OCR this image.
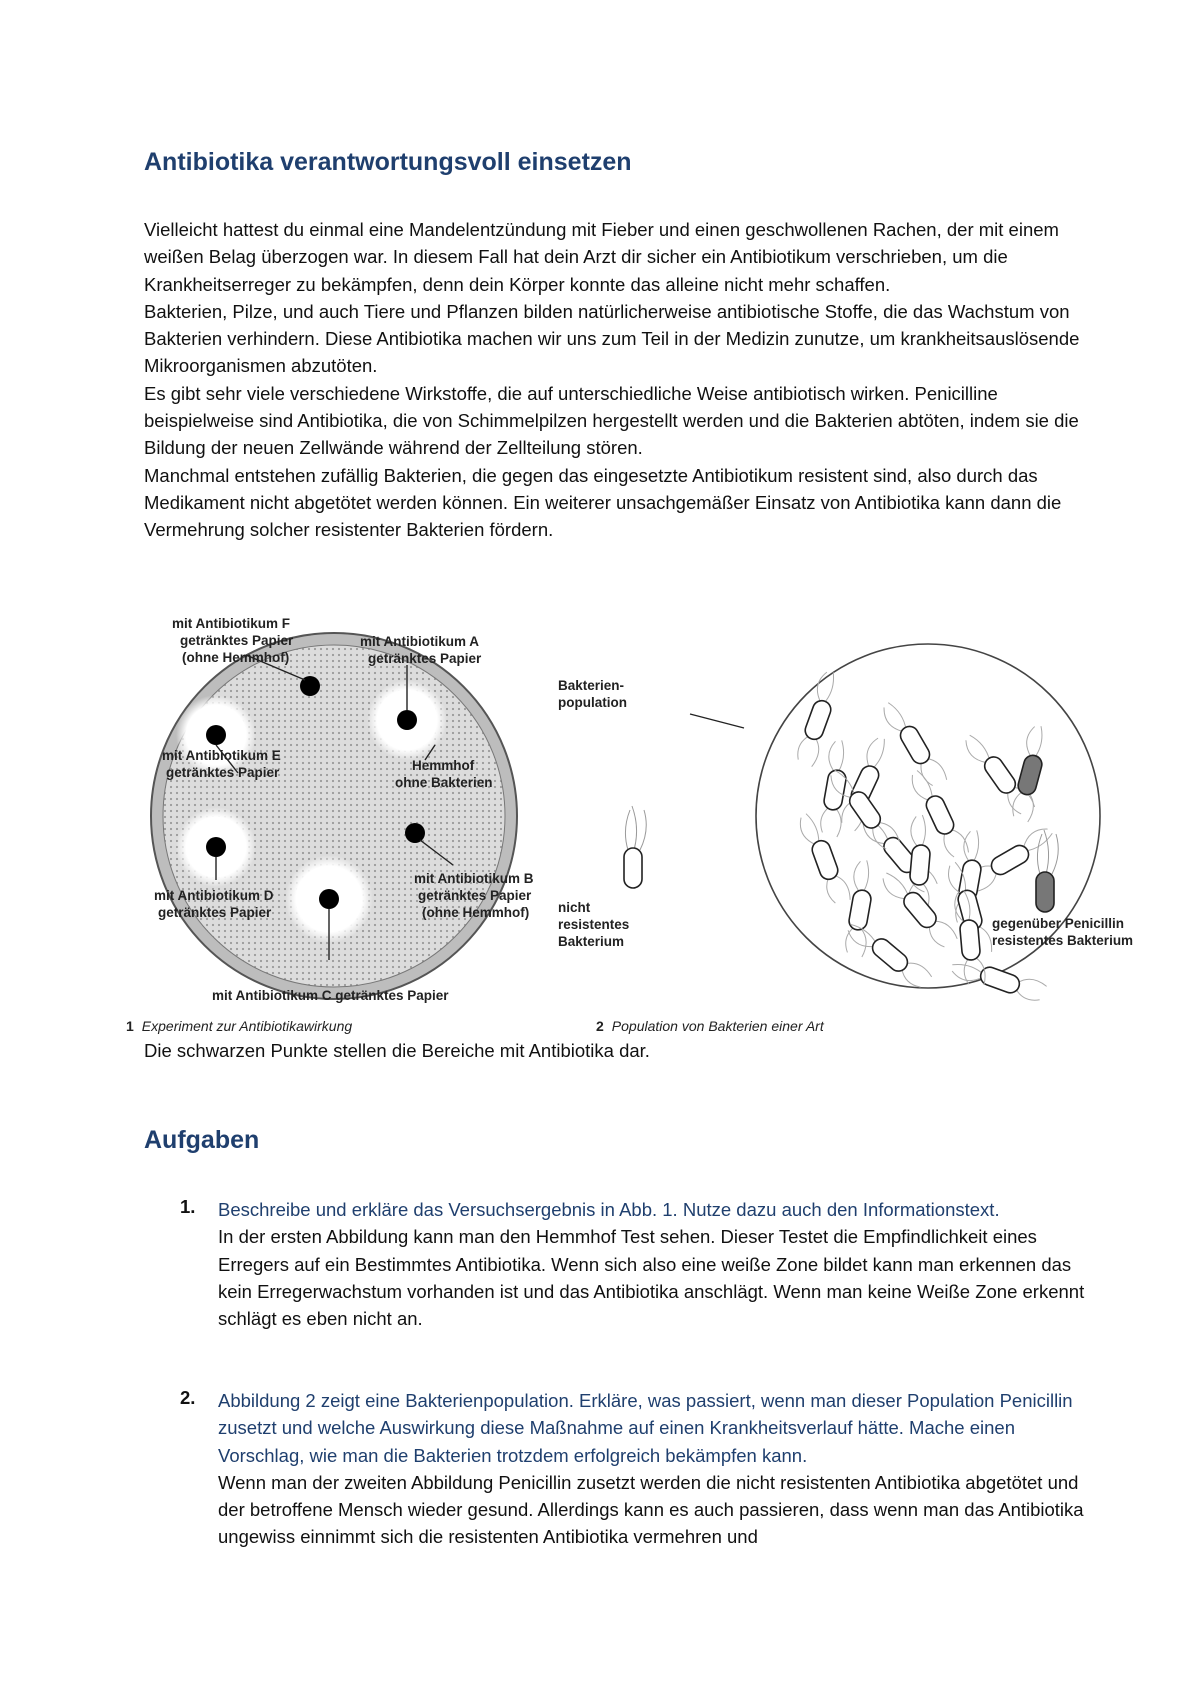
Antibiotika verantwortungsvoll einsetzen

Vielleicht hattest du einmal eine Mandelentzündung mit Fieber und einen geschwollenen Rachen, der mit einem weißen Belag überzogen war. In diesem Fall hat dein Arzt dir sicher ein Antibiotikum verschrieben, um die Krankheitserreger zu bekämpfen, denn dein Körper konnte das alleine nicht mehr schaffen.

Bakterien, Pilze, und auch Tiere und Pflanzen bilden natürlicherweise antibiotische Stoffe, die das Wachstum von Bakterien verhindern. Diese Antibiotika machen wir uns zum Teil in der Medizin zunutze, um krankheitsauslösende Mikroorganismen abzutöten.

Es gibt sehr viele verschiedene Wirkstoffe, die auf unterschiedliche Weise antibiotisch wirken. Penicilline beispielweise sind Antibiotika, die von Schimmelpilzen hergestellt werden und die Bakterien abtöten, indem sie die Bildung der neuen Zellwände während der Zellteilung stören.

Manchmal entstehen zufällig Bakterien, die gegen das eingesetzte Antibiotikum resistent sind, also durch das Medikament nicht abgetötet werden können. Ein weiterer unsachgemäßer Einsatz von Antibiotika kann dann die Vermehrung solcher resistenter Bakterien fördern.

mit Antibiotikum F
getränktes Papier
(ohne Hemmhof)
mit Antibiotikum A
getränktes Papier
mit Antibiotikum E
getränktes Papier	Hemmhof
ohne Bakterien
mit Antibiotikum B
getränktes Papier
(ohne Hemmhof)
mit Antibiotikum D
getränktes Papier
mit Antibiotikum C getränktes Papier
Bakterien-
population
nicht
resistentes
Bakterium
gegenüber Penicillin
resistentes Bakterium
1 Experiment zur Antibiotikawirkung	2 Population von Bakterien einer Art

Die schwarzen Punkte stellen die Bereiche mit Antibiotika dar.

Aufgaben
1. Beschreibe und erkläre das Versuchsergebnis in Abb. 1. Nutze dazu auch den Informationstext.

In der ersten Abbildung kann man den Hemmhof Test sehen. Dieser Testet die Empfindlichkeit eines Erregers auf ein Bestimmtes Antibiotika. Wenn sich also eine weiße Zone bildet kann man erkennen das kein Erregerwachstum vorhanden ist und das Antibiotika anschlägt. Wenn man keine Weiße Zone erkennt schlägt es eben nicht an.

2. Abbildung 2 zeigt eine Bakterienpopulation. Erkläre, was passiert, wenn man dieser Population Penicillin zusetzt und welche Auswirkung diese Maßnahme auf einen Krankheitsverlauf hätte. Mache einen Vorschlag, wie man die Bakterien trotzdem erfolgreich bekämpfen kann.

Wenn man der zweiten Abbildung Penicillin zusetzt werden die nicht resistenten Antibiotika abgetötet und der betroffene Mensch wieder gesund. Allerdings kann es auch passieren, dass wenn man das Antibiotika ungewiss einnimmt sich die resistenten Antibiotika vermehren und
